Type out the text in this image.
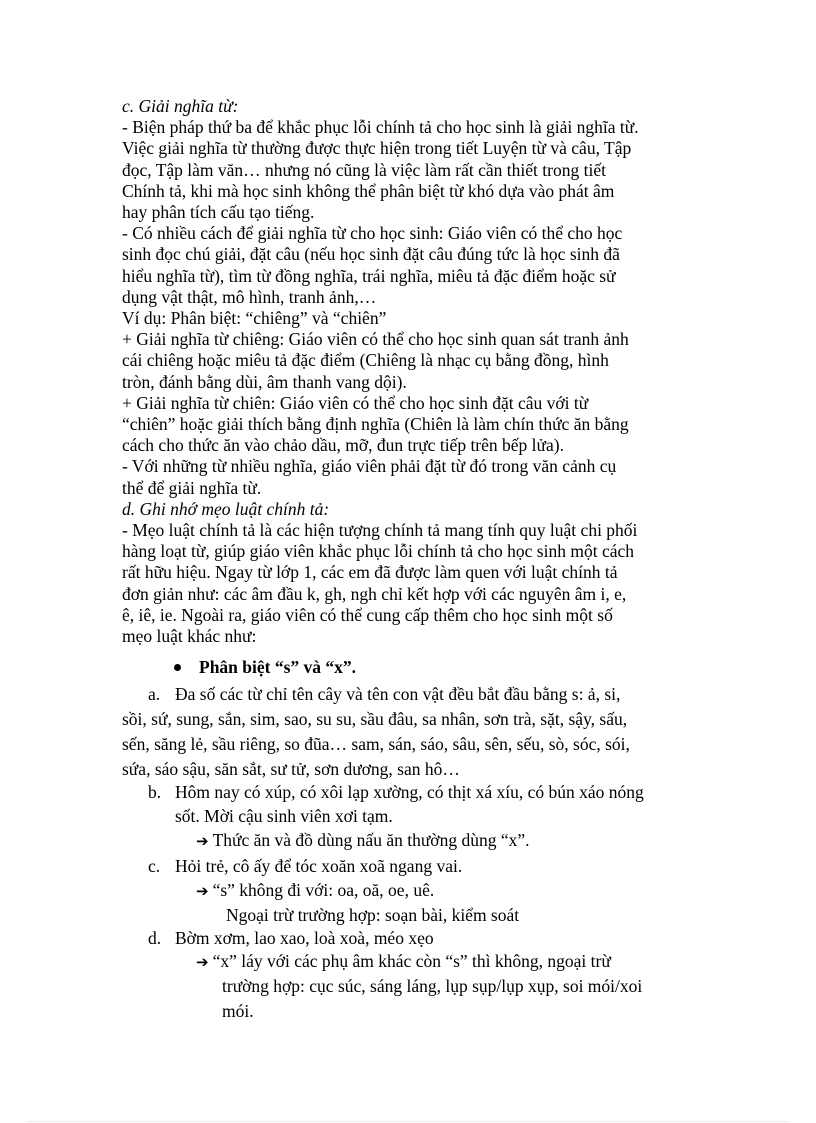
c. Giải nghĩa từ:

- Biện pháp thứ ba để khắc phục lỗi chính tả cho học sinh là giải nghĩa từ.

Việc giải nghĩa từ thường được thực hiện trong tiết Luyện từ và câu, Tập

đọc, Tập làm văn… nhưng nó cũng là việc làm rất cần thiết trong tiết

Chính tả, khi mà học sinh không thể phân biệt từ khó dựa vào phát âm

hay phân tích cấu tạo tiếng.

- Có nhiều cách để giải nghĩa từ cho học sinh: Giáo viên có thể cho học

sinh đọc chú giải, đặt câu (nếu học sinh đặt câu đúng tức là học sinh đã

hiểu nghĩa từ), tìm từ đồng nghĩa, trái nghĩa, miêu tả đặc điểm hoặc sử

dụng vật thật, mô hình, tranh ảnh,…

Ví dụ: Phân biệt: “chiêng” và “chiên”

+ Giải nghĩa từ chiêng: Giáo viên có thể cho học sinh quan sát tranh ảnh

cái chiêng hoặc miêu tả đặc điểm (Chiêng là nhạc cụ bằng đồng, hình

tròn, đánh bằng dùi, âm thanh vang dội).

+ Giải nghĩa từ chiên: Giáo viên có thể cho học sinh đặt câu với từ

“chiên” hoặc giải thích bằng định nghĩa (Chiên là làm chín thức ăn bằng

cách cho thức ăn vào chảo dầu, mỡ, đun trực tiếp trên bếp lửa).

- Với những từ nhiều nghĩa, giáo viên phải đặt từ đó trong văn cảnh cụ

thể để giải nghĩa từ.

d. Ghi nhớ mẹo luật chính tả:

- Mẹo luật chính tả là các hiện tượng chính tả mang tính quy luật chi phối

hàng loạt từ, giúp giáo viên khắc phục lỗi chính tả cho học sinh một cách

rất hữu hiệu. Ngay từ lớp 1, các em đã được làm quen với luật chính tả

đơn giản như: các âm đầu k, gh, ngh chỉ kết hợp với các nguyên âm i, e,

ê, iê, ie. Ngoài ra, giáo viên có thể cung cấp thêm cho học sinh một số

mẹo luật khác như:

Phân biệt “s” và “x”.
a. Đa số các từ chỉ tên cây và tên con vật đều bắt đầu bằng s: ả, si,
sồi, sứ, sung, sắn, sim, sao, su su, sầu đâu, sa nhân, sơn trà, sặt, sậy, sấu,
sến, săng lẻ, sầu riêng, so đũa… sam, sán, sáo, sâu, sên, sếu, sò, sóc, sói,
sứa, sáo sậu, săn sắt, sư tử, sơn dương, san hô…
b. Hôm nay có xúp, có xôi lạp xường, có thịt xá xíu, có bún xáo nóng
sốt. Mời cậu sinh viên xơi tạm.
➔ Thức ăn và đồ dùng nấu ăn thường dùng “x”.
c. Hỏi trẻ, cô ấy để tóc xoăn xoã ngang vai.
➔ “s” không đi với: oa, oă, oe, uê.
Ngoại trừ trường hợp: soạn bài, kiểm soát
d. Bờm xơm, lao xao, loà xoà, méo xẹo
➔ “x” láy với các phụ âm khác còn “s” thì không, ngoại trừ
trường hợp: cục súc, sáng láng, lụp sụp/lụp xụp, soi mói/xoi
mói.
